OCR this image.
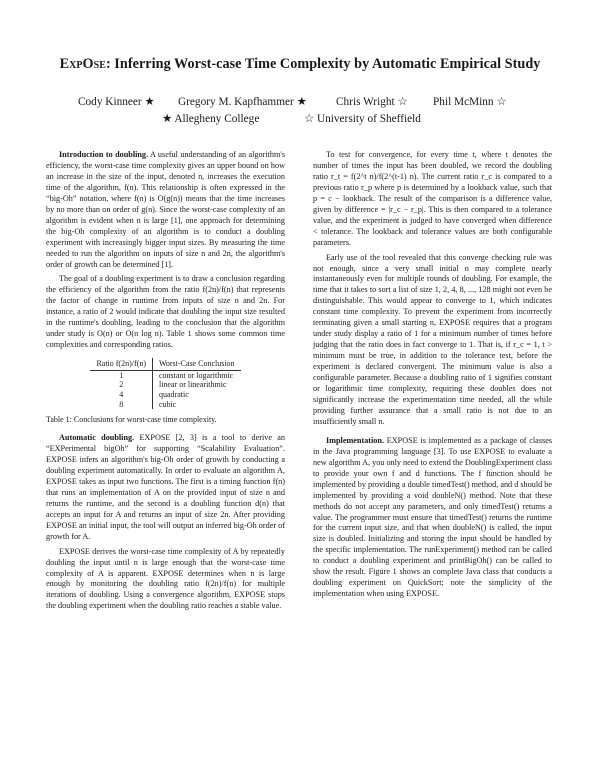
ExpOse: Inferring Worst-case Time Complexity by Automatic Empirical Study
Cody Kinneer ★ Gregory M. Kapfhammer ★	Chris Wright ☆ Phil McMinn ☆
★ Allegheny College	☆ University of Sheffield

Introduction to doubling. A useful understanding of an algorithm's efficiency, the worst-case time complexity gives an upper bound on how an increase in the size of the input, denoted n, increases the execution time of the algorithm, f(n). This relationship is often expressed in the “big-Oh” notation, where f(n) is O(g(n)) means that the time increases by no more than on order of g(n). Since the worst-case complexity of an algorithm is evident when n is large [1], one approach for determining the big-Oh complexity of an algorithm is to conduct a doubling experiment with increasingly bigger input sizes. By measuring the time needed to run the algorithm on inputs of size n and 2n, the algorithm's order of growth can be determined [1].

The goal of a doubling experiment is to draw a conclusion regarding the efficiency of the algorithm from the ratio f(2n)/f(n) that represents the factor of change in runtime from inputs of size n and 2n. For instance, a ratio of 2 would indicate that doubling the input size resulted in the runtime's doubling, leading to the conclusion that the algorithm under study is O(n) or O(n log n). Table 1 shows some common time complexities and corresponding ratios.

Ratio f(2n)/f(n)	Worst-Case Conclusion
1	constant or logarithmic
2	linear or linearithmic
4	quadratic
8	cubic

Table 1: Conclusions for worst-case time complexity.

Automatic doubling. EXPOSE [2, 3] is a tool to derive an “EXPerimental bigOh” for supporting “Scalability Evaluation”. EXPOSE infers an algorithm's big-Oh order of growth by conducting a doubling experiment automatically. In order to evaluate an algorithm A, EXPOSE takes as input two functions. The first is a timing function f(n) that runs an implementation of A on the provided input of size n and returns the runtime, and the second is a doubling function d(n) that accepts an input for A and returns an input of size 2n. After providing EXPOSE an initial input, the tool will output an inferred big-Oh order of growth for A.

EXPOSE derives the worst-case time complexity of A by repeatedly doubling the input until n is large enough that the worst-case time complexity of A is apparent. EXPOSE determines when n is large enough by monitoring the doubling ratio f(2n)/f(n) for multiple iterations of doubling. Using a convergence algorithm, EXPOSE stops the doubling experiment when the doubling ratio reaches a stable value.

To test for convergence, for every time t, where t denotes the number of times the input has been doubled, we record the doubling ratio r_t = f(2^t n)/f(2^(t-1) n). The current ratio r_c is compared to a previous ratio r_p where p is determined by a lookback value, such that p = c − lookback. The result of the comparison is a difference value, given by difference = |r_c − r_p|. This is then compared to a tolerance value, and the experiment is judged to have converged when difference < tolerance. The lookback and tolerance values are both configurable parameters.

Early use of the tool revealed that this converge checking rule was not enough, since a very small initial n may complete nearly instantaneously even for multiple rounds of doubling. For example, the time that it takes to sort a list of size 1, 2, 4, 8, ..., 128 might not even be distinguishable. This would appear to converge to 1, which indicates constant time complexity. To prevent the experiment from incorrectly terminating given a small starting n, EXPOSE requires that a program under study display a ratio of 1 for a minimum number of times before judging that the ratio does in fact converge to 1. That is, if r_c = 1, t > minimum must be true, in addition to the tolerance test, before the experiment is declared convergent. The minimum value is also a configurable parameter. Because a doubling ratio of 1 signifies constant or logarithmic time complexity, requiring these doubles does not significantly increase the experimentation time needed, all the while providing further assurance that a small ratio is not due to an insufficiently small n.

Implementation. EXPOSE is implemented as a package of classes in the Java programming language [3]. To use EXPOSE to evaluate a new algorithm A, you only need to extend the DoublingExperiment class to provide your own f and d functions. The f function should be implemented by providing a double timedTest() method, and d should be implemented by providing a void doubleN() method. Note that these methods do not accept any parameters, and only timedTest() returns a value. The programmer must ensure that timedTest() returns the runtime for the current input size, and that when doubleN() is called, the input size is doubled. Initializing and storing the input should be handled by the specific implementation. The runExperiment() method can be called to conduct a doubling experiment and printBigOh() can be called to show the result. Figure 1 shows an complete Java class that conducts a doubling experiment on QuickSort; note the simplicity of the implementation when using EXPOSE.
